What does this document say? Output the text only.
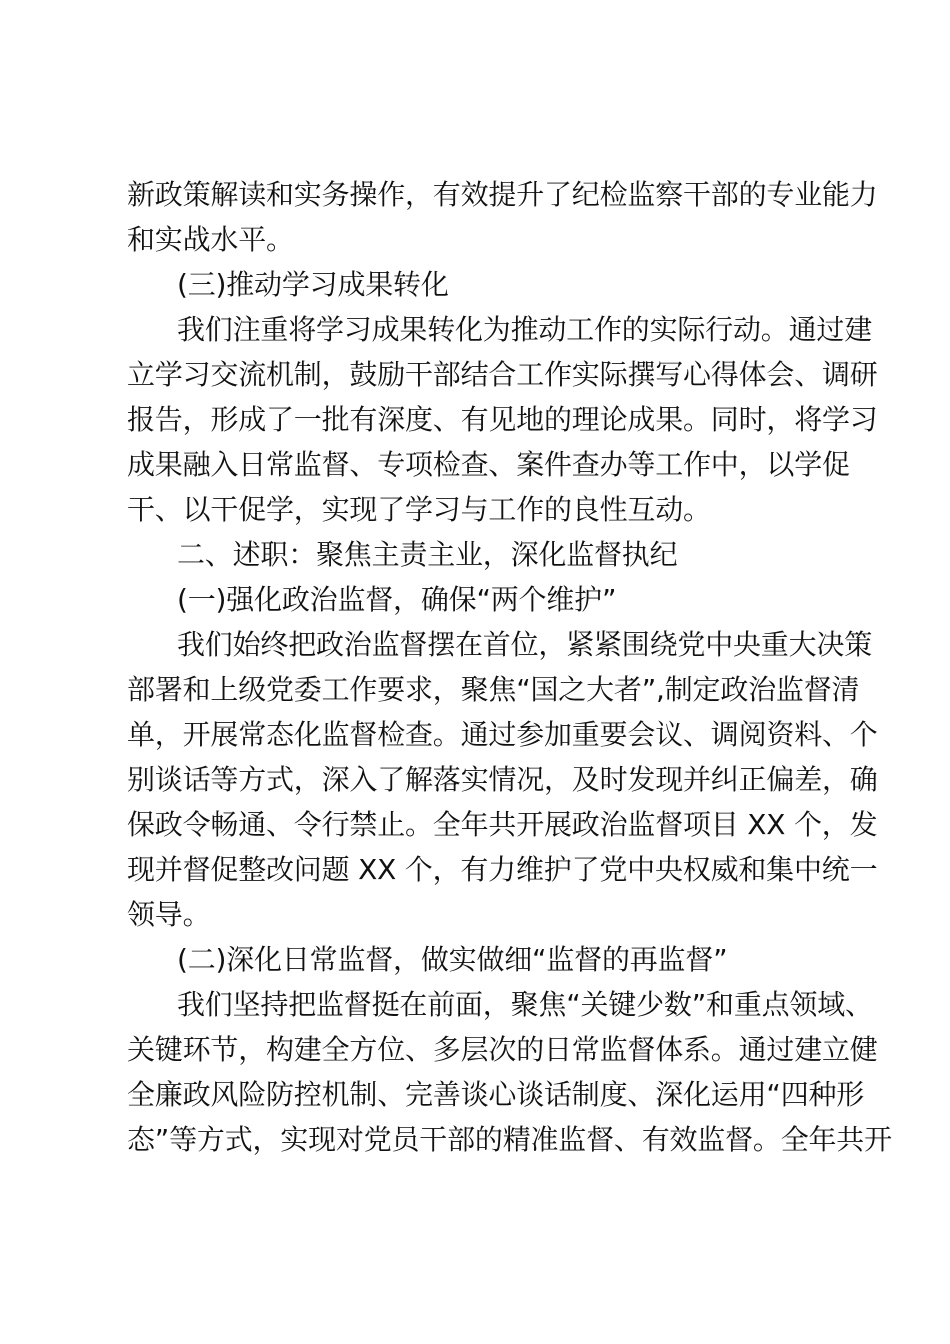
新政策解读和实务操作，有效提升了纪检监察干部的专业能力
和实战水平。
(三)推动学习成果转化
我们注重将学习成果转化为推动工作的实际行动。通过建
立学习交流机制，鼓励干部结合工作实际撰写心得体会、调研
报告，形成了一批有深度、有见地的理论成果。同时，将学习
成果融入日常监督、专项检查、案件查办等工作中，以学促
干、以干促学，实现了学习与工作的良性互动。
二、述职：聚焦主责主业，深化监督执纪
(一)强化政治监督，确保“两个维护”
我们始终把政治监督摆在首位，紧紧围绕党中央重大决策
部署和上级党委工作要求，聚焦“国之大者”,制定政治监督清
单，开展常态化监督检查。通过参加重要会议、调阅资料、个
别谈话等方式，深入了解落实情况，及时发现并纠正偏差，确
保政令畅通、令行禁止。全年共开展政治监督项目 XX 个，发
现并督促整改问题 XX 个，有力维护了党中央权威和集中统一
领导。
(二)深化日常监督，做实做细“监督的再监督”
我们坚持把监督挺在前面，聚焦“关键少数”和重点领域、
关键环节，构建全方位、多层次的日常监督体系。通过建立健
全廉政风险防控机制、完善谈心谈话制度、深化运用“四种形
态”等方式，实现对党员干部的精准监督、有效监督。全年共开
